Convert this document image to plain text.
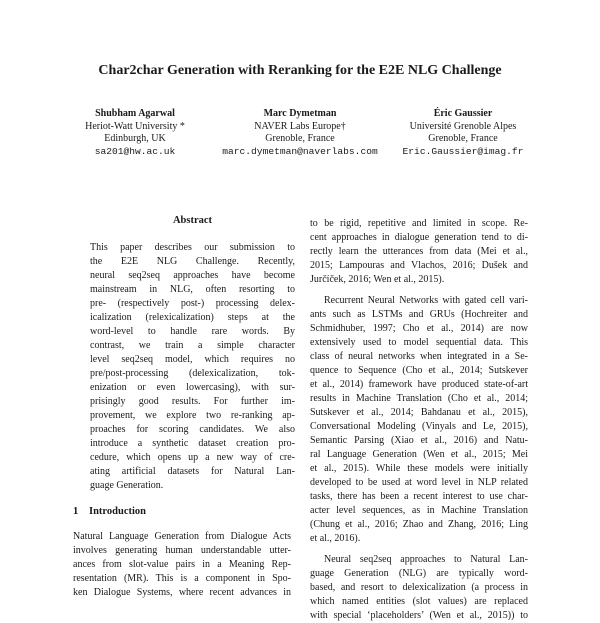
Char2char Generation with Reranking for the E2E NLG Challenge
Shubham Agarwal
Heriot-Watt University *
Edinburgh, UK
sa201@hw.ac.uk
Marc Dymetman
NAVER Labs Europe†
Grenoble, France
marc.dymetman@naverlabs.com
Éric Gaussier
Université Grenoble Alpes
Grenoble, France
Eric.Gaussier@imag.fr
Abstract
This paper describes our submission to
the E2E NLG Challenge. Recently,
neural seq2seq approaches have become
mainstream in NLG, often resorting to
pre- (respectively post-) processing delex-
icalization (relexicalization) steps at the
word-level to handle rare words. By
contrast, we train a simple character
level seq2seq model, which requires no
pre/post-processing (delexicalization, tok-
enization or even lowercasing), with sur-
prisingly good results. For further im-
provement, we explore two re-ranking ap-
proaches for scoring candidates. We also
introduce a synthetic dataset creation pro-
cedure, which opens up a new way of cre-
ating artificial datasets for Natural Lan-
guage Generation.
1 Introduction
Natural Language Generation from Dialogue Acts
involves generating human understandable utter-
ances from slot-value pairs in a Meaning Rep-
resentation (MR). This is a component in Spo-
ken Dialogue Systems, where recent advances in
to be rigid, repetitive and limited in scope. Re-
cent approaches in dialogue generation tend to di-
rectly learn the utterances from data (Mei et al.,
2015; Lampouras and Vlachos, 2016; Dušek and
Jurčíček, 2016; Wen et al., 2015).
Recurrent Neural Networks with gated cell vari-
ants such as LSTMs and GRUs (Hochreiter and
Schmidhuber, 1997; Cho et al., 2014) are now
extensively used to model sequential data. This
class of neural networks when integrated in a Se-
quence to Sequence (Cho et al., 2014; Sutskever
et al., 2014) framework have produced state-of-art
results in Machine Translation (Cho et al., 2014;
Sutskever et al., 2014; Bahdanau et al., 2015),
Conversational Modeling (Vinyals and Le, 2015),
Semantic Parsing (Xiao et al., 2016) and Natu-
ral Language Generation (Wen et al., 2015; Mei
et al., 2015). While these models were initially
developed to be used at word level in NLP related
tasks, there has been a recent interest to use char-
acter level sequences, as in Machine Translation
(Chung et al., 2016; Zhao and Zhang, 2016; Ling
et al., 2016).
Neural seq2seq approaches to Natural Lan-
guage Generation (NLG) are typically word-
based, and resort to delexicalization (a process in
which named entities (slot values) are replaced
with special ‘placeholders’ (Wen et al., 2015)) to
